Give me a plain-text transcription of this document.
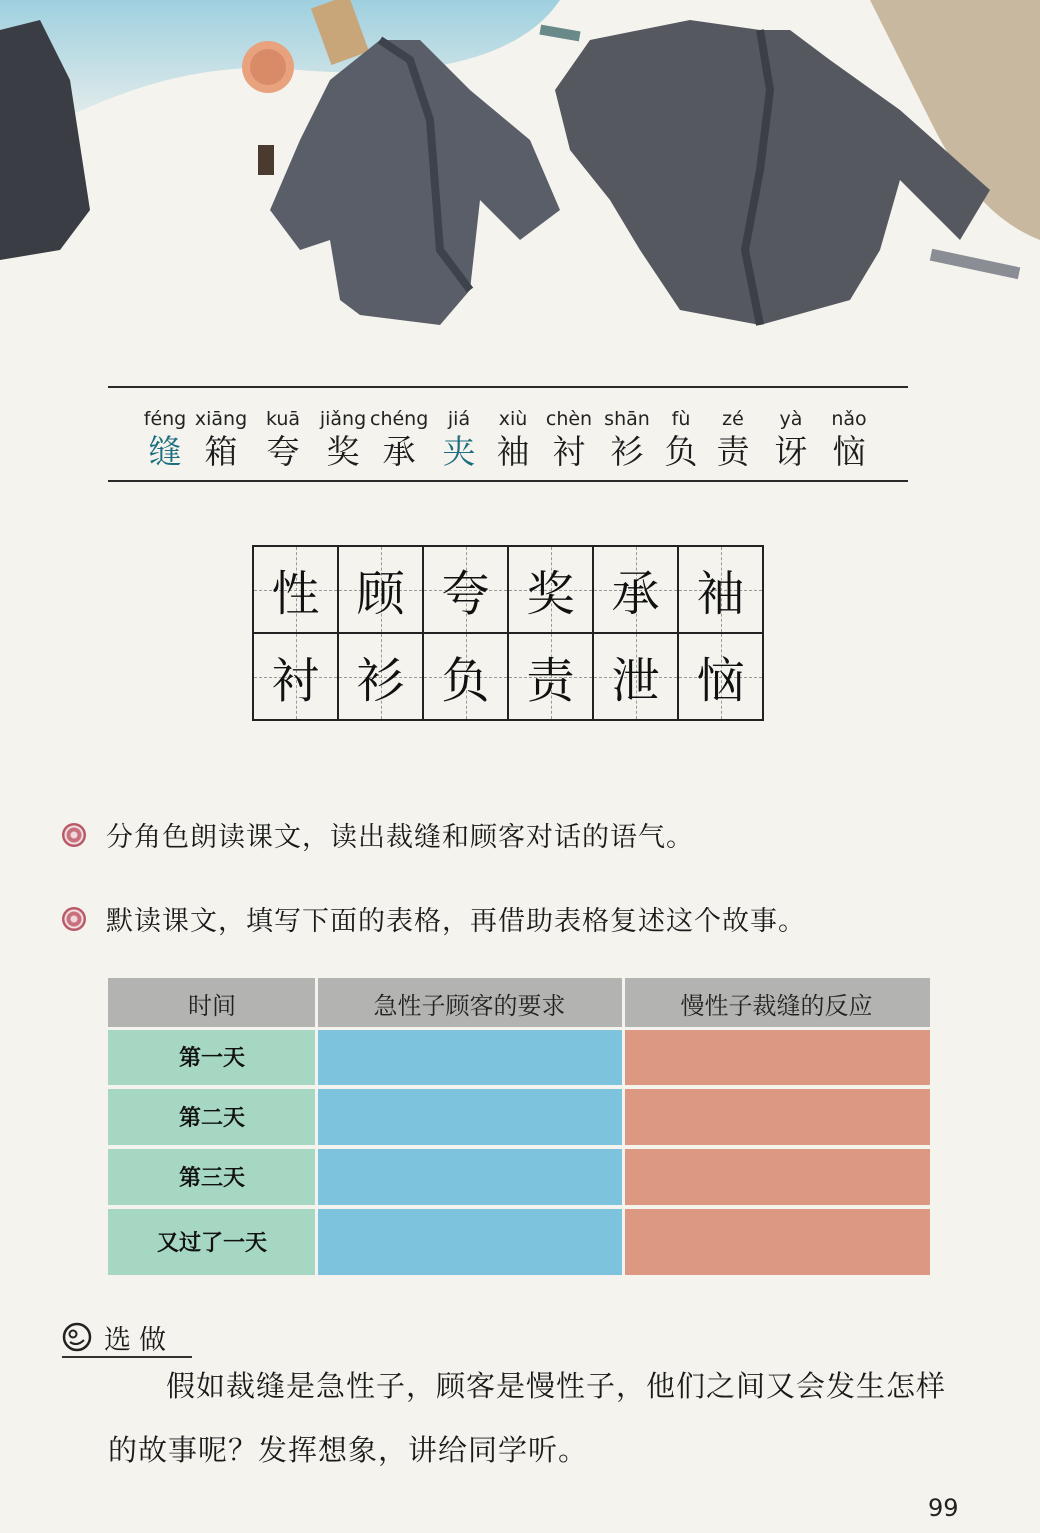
féng
缝
xiāng
箱
kuā
夸
jiǎng
奖
chéng
承
jiá
夹
xiù
袖
chèn
衬
shān
衫
fù
负
zé
责
yà
讶
nǎo
恼
性 顾 夸 奖 承 袖
衬 衫 负 责 泄 恼
分角色朗读课文，读出裁缝和顾客对话的语气。
默读课文，填写下面的表格，再借助表格复述这个故事。
时间	急性子顾客的要求	慢性子裁缝的反应
第一天
第二天
第三天
又过了一天
选做
假如裁缝是急性子，顾客是慢性子，他们之间又会发生怎样
的故事呢？发挥想象，讲给同学听。
99
